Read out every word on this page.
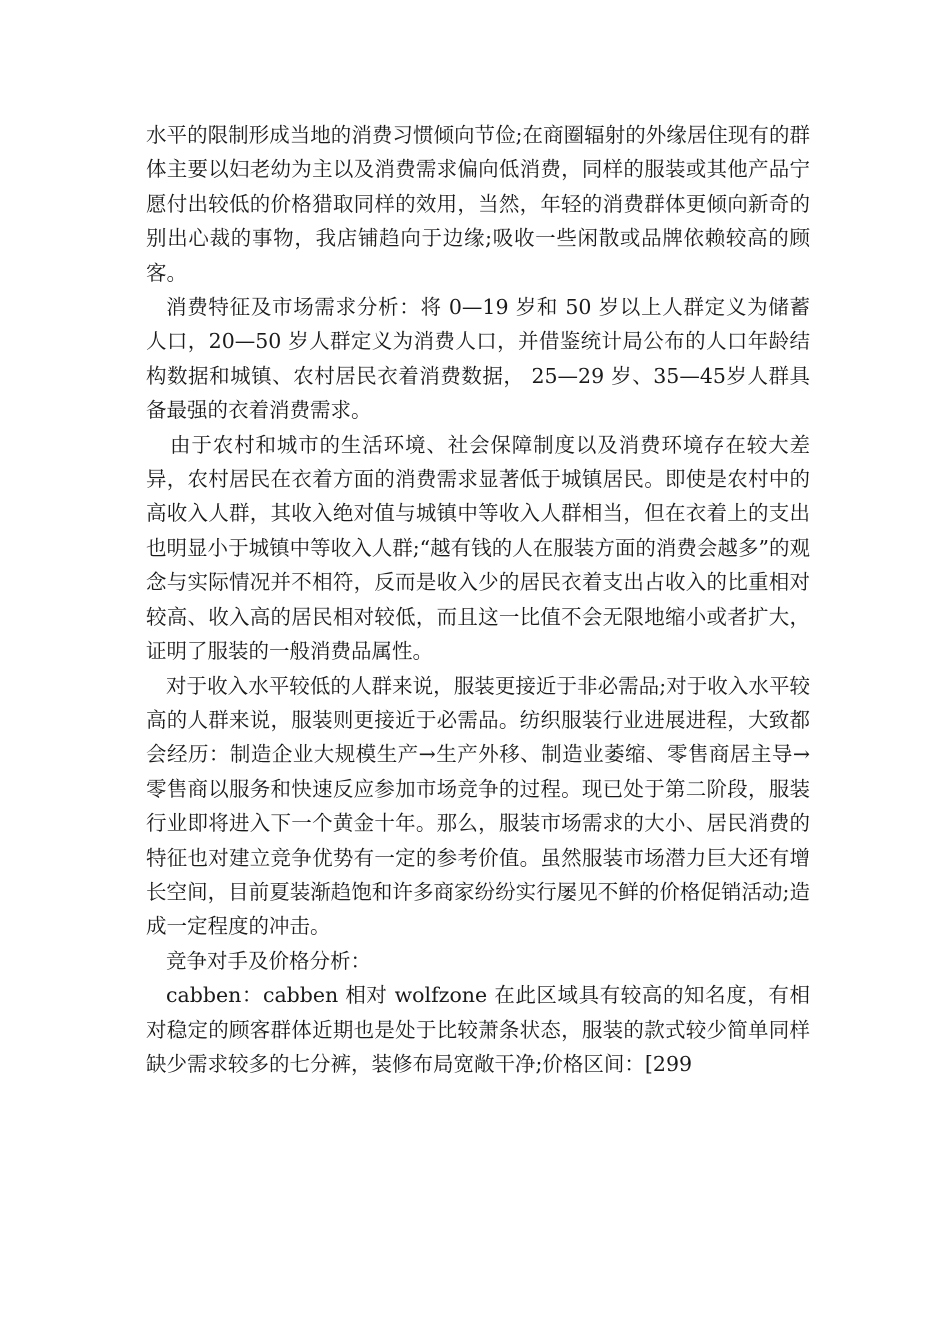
水平的限制形成当地的消费习惯倾向节俭;在商圈辐射的外缘居住现有的群体主要以妇老幼为主以及消费需求偏向低消费，同样的服装或其他产品宁愿付出较低的价格猎取同样的效用，当然，年轻的消费群体更倾向新奇的别出心裁的事物，我店铺趋向于边缘;吸收一些闲散或品牌依赖较高的顾客。

消费特征及市场需求分析：将 0—19 岁和 50 岁以上人群定义为储蓄人口，20—50 岁人群定义为消费人口，并借鉴统计局公布的人口年龄结构数据和城镇、农村居民衣着消费数据， 25—29 岁、35—45岁人群具备最强的衣着消费需求。

由于农村和城市的生活环境、社会保障制度以及消费环境存在较大差异，农村居民在衣着方面的消费需求显著低于城镇居民。即使是农村中的高收入人群，其收入绝对值与城镇中等收入人群相当，但在衣着上的支出也明显小于城镇中等收入人群;“越有钱的人在服装方面的消费会越多”的观念与实际情况并不相符，反而是收入少的居民衣着支出占收入的比重相对较高、收入高的居民相对较低，而且这一比值不会无限地缩小或者扩大，证明了服装的一般消费品属性。

对于收入水平较低的人群来说，服装更接近于非必需品;对于收入水平较高的人群来说，服装则更接近于必需品。纺织服装行业进展进程，大致都会经历：制造企业大规模生产→生产外移、制造业萎缩、零售商居主导→零售商以服务和快速反应参加市场竞争的过程。现已处于第二阶段，服装行业即将进入下一个黄金十年。那么，服装市场需求的大小、居民消费的特征也对建立竞争优势有一定的参考价值。虽然服装市场潜力巨大还有增长空间，目前夏装渐趋饱和许多商家纷纷实行屡见不鲜的价格促销活动;造成一定程度的冲击。

竞争对手及价格分析：

cabben：cabben 相对 wolfzone 在此区域具有较高的知名度，有相对稳定的顾客群体近期也是处于比较萧条状态，服装的款式较少简单同样缺少需求较多的七分裤，装修布局宽敞干净;价格区间：[299
